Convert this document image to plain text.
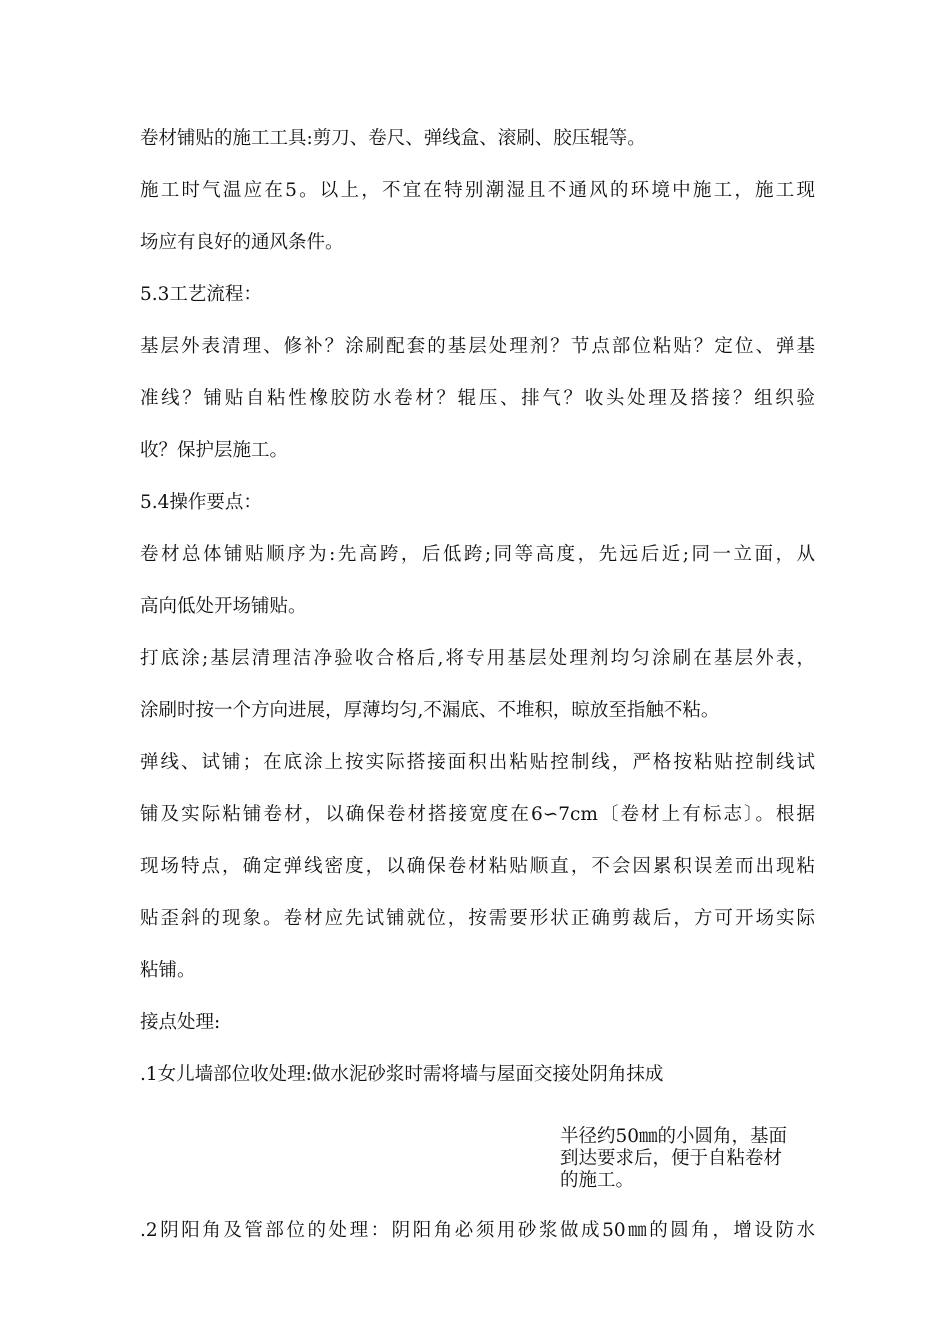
卷材铺贴的施工工具:剪刀、卷尺、弹线盒、滚刷、胶压辊等。
施工时气温应在5。以上，不宜在特别潮湿且不通风的环境中施工，施工现
场应有良好的通风条件。
5.3工艺流程：
基层外表清理、修补？涂刷配套的基层处理剂？节点部位粘贴？定位、弹基
准线？铺贴自粘性橡胶防水卷材？辊压、排气？收头处理及搭接？组织验
收？保护层施工。
5.4操作要点：
卷材总体铺贴顺序为:先高跨，后低跨;同等高度，先远后近;同一立面，从
高向低处开场铺贴。
打底涂;基层清理洁净验收合格后,将专用基层处理剂均匀涂刷在基层外表，
涂刷时按一个方向进展，厚薄均匀,不漏底、不堆积，晾放至指触不粘。
弹线、试铺；在底涂上按实际搭接面积出粘贴控制线，严格按粘贴控制线试
铺及实际粘铺卷材，以确保卷材搭接宽度在6∽7cm〔卷材上有标志〕。根据
现场特点，确定弹线密度，以确保卷材粘贴顺直，不会因累积误差而出现粘
贴歪斜的现象。卷材应先试铺就位，按需要形状正确剪裁后，方可开场实际
粘铺。
接点处理:
.1女儿墙部位收处理:做水泥砂浆时需将墙与屋面交接处阴角抹成
半径约50㎜的小圆角，基面
到达要求后，便于自粘卷材
的施工。
.2阴阳角及管部位的处理：阴阳角必须用砂浆做成50㎜的圆角，增设防水
